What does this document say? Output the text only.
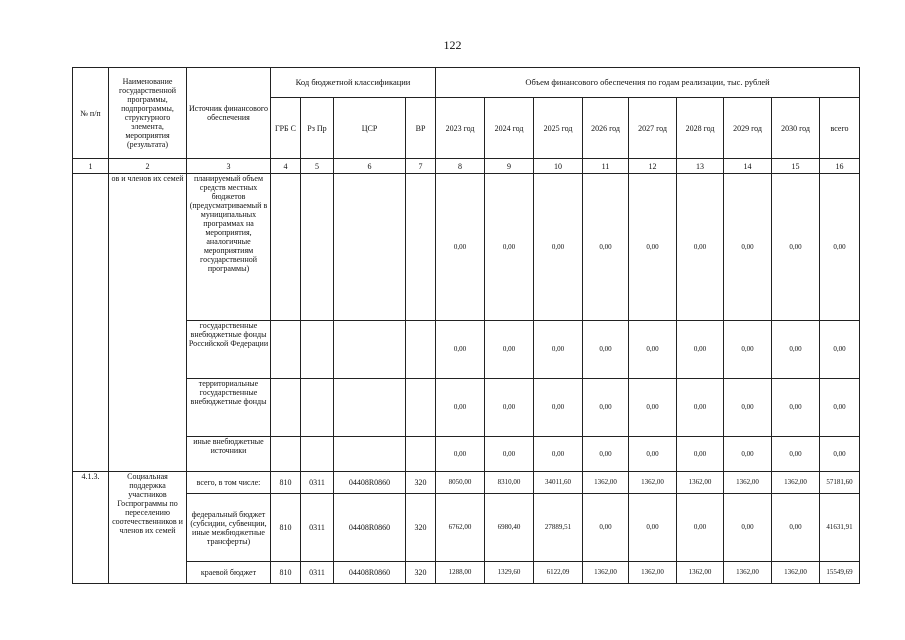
122
№ п/п	Наименование государственной программы, подпрограммы, структурного элемента, мероприятия (результата)	Источник финансового обеспечения	Код бюджетной классификации				Объем финансового обеспечения по годам реализации, тыс. рублей								
			ГРБ С	Рз Пр	ЦСР	ВР	2023 год	2024 год	2025 год	2026 год	2027 год	2028 год	2029 год	2030 год	всего
1	2	3	4	5	6	7	8	9	10	11	12	13	14	15	16
	ов и членов их семей	планируемый объем средств местных бюджетов (предусматриваемый в муниципальных программах на мероприятия, аналогичные мероприятиям государственной программы)					0,00	0,00	0,00	0,00	0,00	0,00	0,00	0,00	0,00
		государственные внебюджетные фонды Российской Федерации					0,00	0,00	0,00	0,00	0,00	0,00	0,00	0,00	0,00
		территориальные государственные внебюджетные фонды					0,00	0,00	0,00	0,00	0,00	0,00	0,00	0,00	0,00
		иные внебюджетные источники					0,00	0,00	0,00	0,00	0,00	0,00	0,00	0,00	0,00
4.1.3.	Социальная поддержка участников Госпрограммы по переселению соотечественников и членов их семей	всего, в том числе:	810	0311	04408R0860	320	8050,00	8310,00	34011,60	1362,00	1362,00	1362,00	1362,00	1362,00	57181,60
		федеральный бюджет (субсидии, субвенции, иные межбюджетные трансферты)	810	0311	04408R0860	320	6762,00	6980,40	27889,51	0,00	0,00	0,00	0,00	0,00	41631,91
		краевой бюджет	810	0311	04408R0860	320	1288,00	1329,60	6122,09	1362,00	1362,00	1362,00	1362,00	1362,00	15549,69
